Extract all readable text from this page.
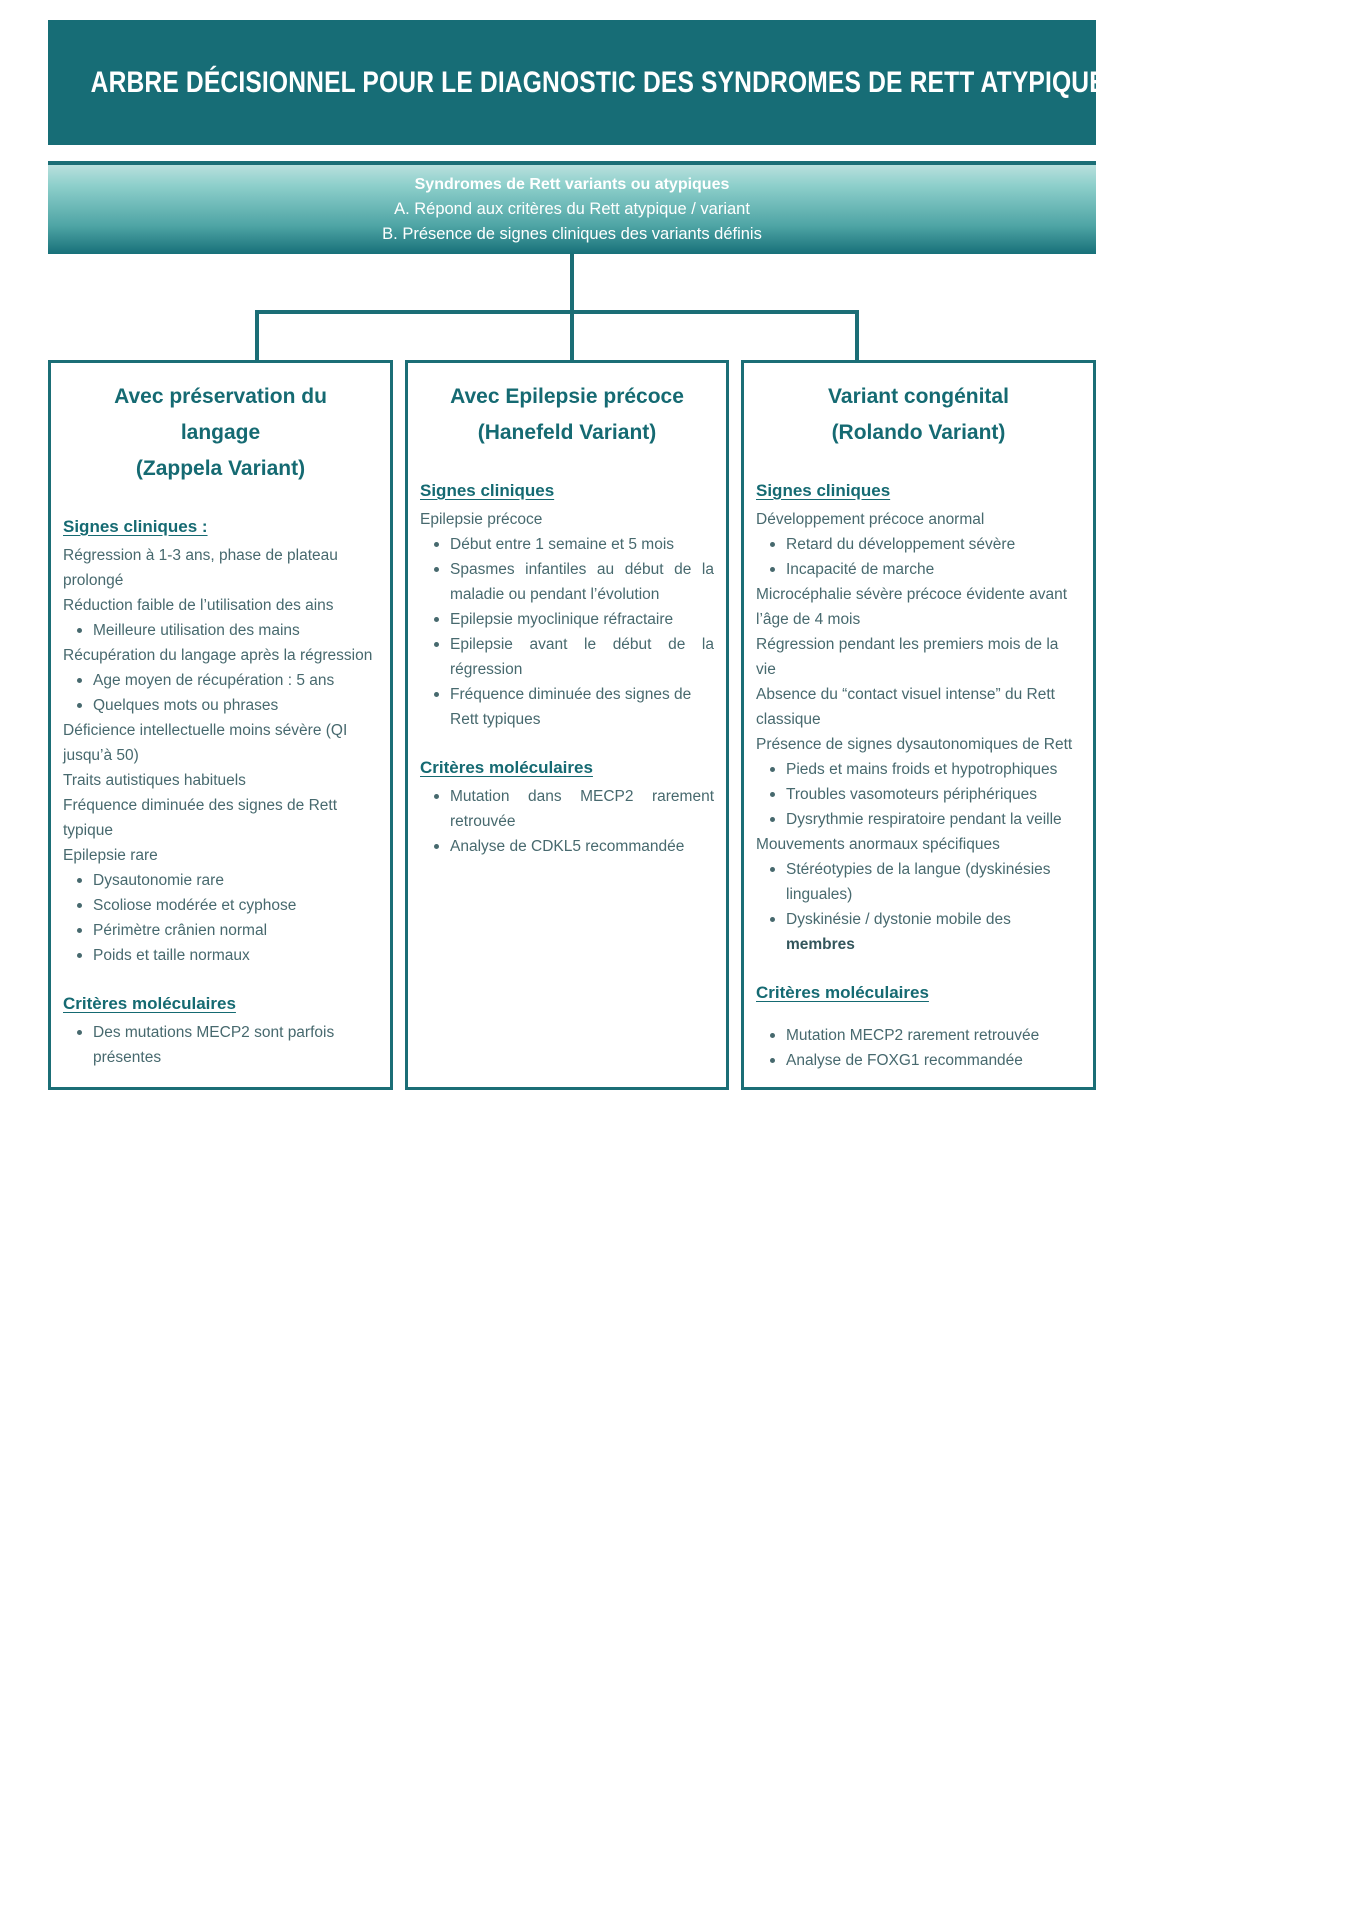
ARBRE DÉCISIONNEL POUR LE DIAGNOSTIC DES SYNDROMES DE RETT ATYPIQUES
Syndromes de Rett variants ou atypiques
A. Répond aux critères du Rett atypique / variant
B. Présence de signes cliniques des variants définis
Avec préservation du
langage
(Zappela Variant)
Signes cliniques :

Régression à 1-3 ans, phase de plateau prolongé

Réduction faible de l’utilisation des ains

Meilleure utilisation des mains

Récupération du langage après la régression

Age moyen de récupération : 5 ans
Quelques mots ou phrases

Déficience intellectuelle moins sévère (QI jusqu’à 50)

Traits autistiques habituels

Fréquence diminuée des signes de Rett typique

Epilepsie rare

Dysautonomie rare
Scoliose modérée et cyphose
Périmètre crânien normal
Poids et taille normaux
Critères moléculaires
Des mutations MECP2 sont parfois présentes
Avec Epilepsie précoce
(Hanefeld Variant)
Signes cliniques

Epilepsie précoce

Début entre 1 semaine et 5 mois
Spasmes infantiles au début de la maladie ou pendant l’évolution
Epilepsie myoclinique réfractaire
Epilepsie avant le début de la régression
Fréquence diminuée des signes de Rett typiques
Critères moléculaires
Mutation dans MECP2 rarement retrouvée
Analyse de CDKL5 recommandée
Variant congénital
(Rolando Variant)
Signes cliniques

Développement précoce anormal

Retard du développement sévère
Incapacité de marche

Microcéphalie sévère précoce évidente avant l’âge de 4 mois

Régression pendant les premiers mois de la vie

Absence du “contact visuel intense” du Rett classique

Présence de signes dysautonomiques de Rett

Pieds et mains froids et hypotrophiques
Troubles vasomoteurs périphériques
Dysrythmie respiratoire pendant la veille

Mouvements anormaux spécifiques

Stéréotypies de la langue (dyskinésies linguales)
Dyskinésie / dystonie mobile des membres
Critères moléculaires
Mutation MECP2 rarement retrouvée
Analyse de FOXG1 recommandée
